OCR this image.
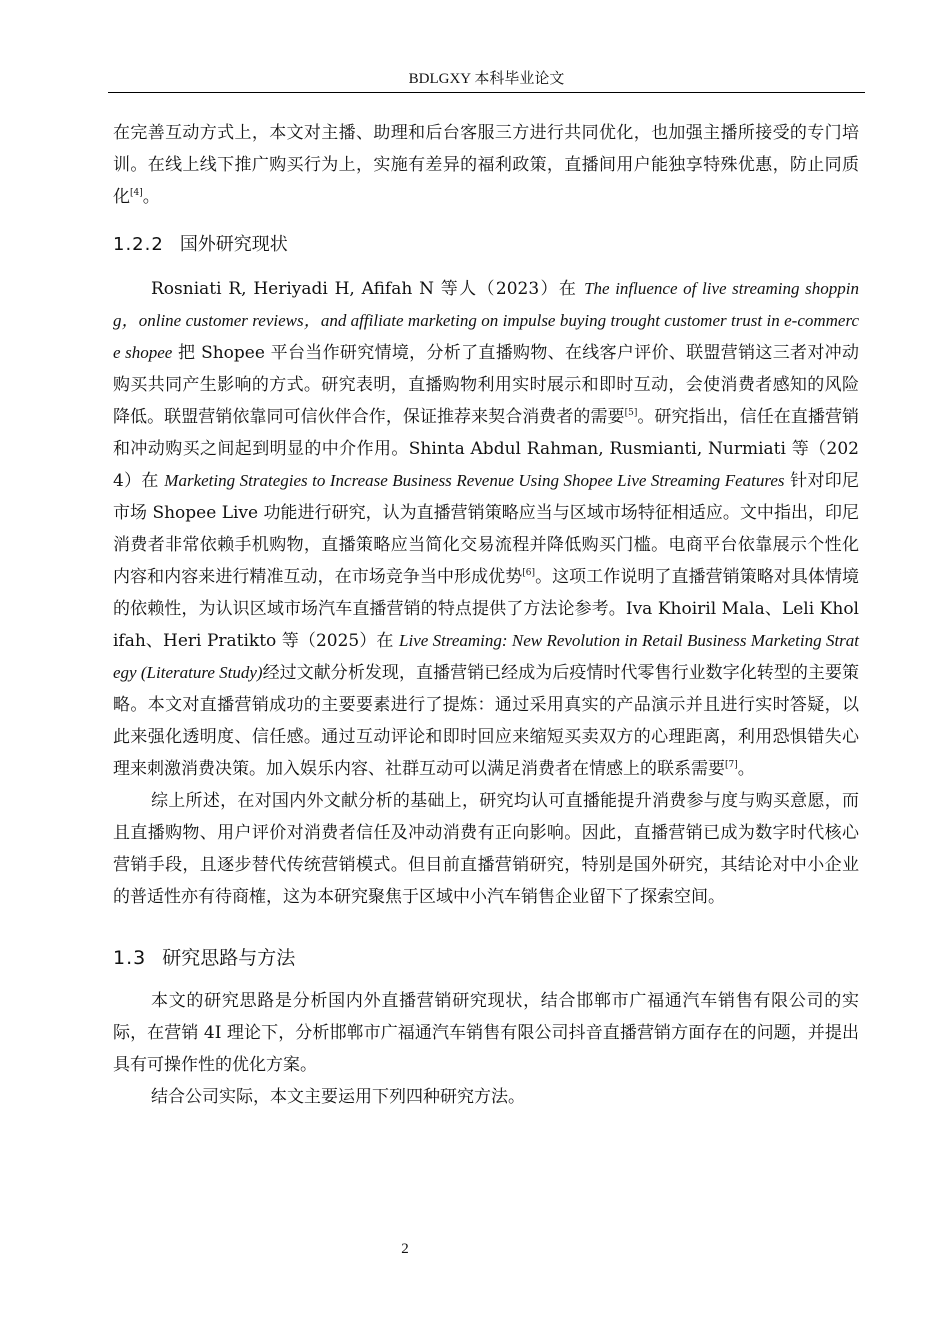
BDLGXY 本科毕业论文

在完善互动方式上，本文对主播、助理和后台客服三方进行共同优化，也加强主播所接受的专门培训。在线上线下推广购买行为上，实施有差异的福利政策，直播间用户能独享特殊优惠，防止同质化[4]。

1.2.2 国外研究现状

Rosniati R, Heriyadi H, Afifah N 等人（2023）在 The influence of live streaming shopping，online customer reviews，and affiliate marketing on impulse buying trought customer trust in e-commerce shopee 把 Shopee 平台当作研究情境，分析了直播购物、在线客户评价、联盟营销这三者对冲动购买共同产生影响的方式。研究表明，直播购物利用实时展示和即时互动，会使消费者感知的风险降低。联盟营销依靠同可信伙伴合作，保证推荐来契合消费者的需要[5]。研究指出，信任在直播营销和冲动购买之间起到明显的中介作用。Shinta Abdul Rahman, Rusmianti, Nurmiati 等（2024）在 Marketing Strategies to Increase Business Revenue Using Shopee Live Streaming Features 针对印尼市场 Shopee Live 功能进行研究，认为直播营销策略应当与区域市场特征相适应。文中指出，印尼消费者非常依赖手机购物，直播策略应当简化交易流程并降低购买门槛。电商平台依靠展示个性化内容和内容来进行精准互动，在市场竞争当中形成优势[6]。这项工作说明了直播营销策略对具体情境的依赖性，为认识区域市场汽车直播营销的特点提供了方法论参考。Iva Khoiril Mala、Leli Kholifah、Heri Pratikto 等（2025）在 Live Streaming: New Revolution in Retail Business Marketing Strategy (Literature Study)经过文献分析发现，直播营销已经成为后疫情时代零售行业数字化转型的主要策略。本文对直播营销成功的主要要素进行了提炼：通过采用真实的产品演示并且进行实时答疑，以此来强化透明度、信任感。通过互动评论和即时回应来缩短买卖双方的心理距离，利用恐惧错失心理来刺激消费决策。加入娱乐内容、社群互动可以满足消费者在情感上的联系需要[7]。

综上所述，在对国内外文献分析的基础上，研究均认可直播能提升消费参与度与购买意愿，而且直播购物、用户评价对消费者信任及冲动消费有正向影响。因此，直播营销已成为数字时代核心营销手段，且逐步替代传统营销模式。但目前直播营销研究，特别是国外研究，其结论对中小企业的普适性亦有待商榷，这为本研究聚焦于区域中小汽车销售企业留下了探索空间。

1.3 研究思路与方法

本文的研究思路是分析国内外直播营销研究现状，结合邯郸市广福通汽车销售有限公司的实际，在营销 4I 理论下，分析邯郸市广福通汽车销售有限公司抖音直播营销方面存在的问题，并提出具有可操作性的优化方案。

结合公司实际，本文主要运用下列四种研究方法。

2
